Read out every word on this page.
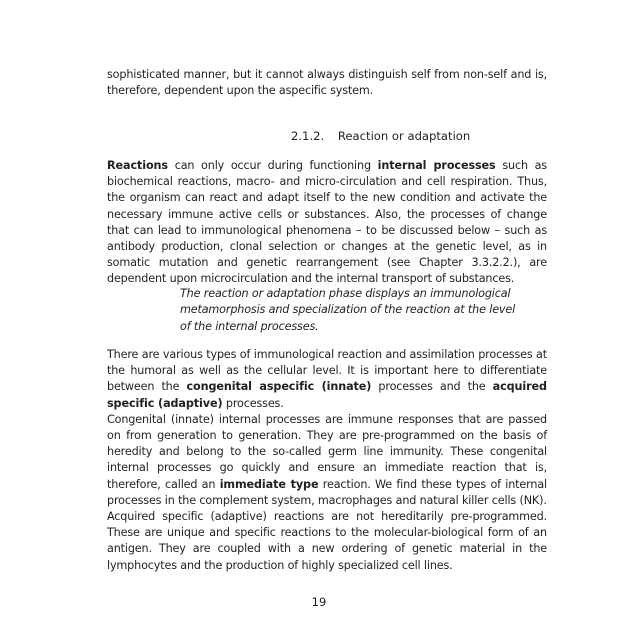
sophisticated manner, but it cannot always distinguish self from non-self and is, therefore, dependent upon the aspecific system.

2.1.2. Reaction or adaptation

Reactions can only occur during functioning internal processes such as biochemical reactions, macro- and micro-circulation and cell respiration. Thus, the organism can react and adapt itself to the new condition and activate the necessary immune active cells or substances. Also, the processes of change that can lead to immunological phenomena – to be discussed below – such as antibody production, clonal selection or changes at the genetic level, as in somatic mutation and genetic rearrangement (see Chapter 3.3.2.2.), are dependent upon microcirculation and the internal transport of substances.

The reaction or adaptation phase displays an immunological
metamorphosis and specialization of the reaction at the level
of the internal processes.

There are various types of immunological reaction and assimilation processes at the humoral as well as the cellular level. It is important here to differentiate between the congenital aspecific (innate) processes and the acquired specific (adaptive) processes.

Congenital (innate) internal processes are immune responses that are passed on from generation to generation. They are pre-programmed on the basis of heredity and belong to the so-called germ line immunity. These congenital internal processes go quickly and ensure an immediate reaction that is, therefore, called an immediate type reaction. We find these types of internal processes in the complement system, macrophages and natural killer cells (NK).

Acquired specific (adaptive) reactions are not hereditarily pre-programmed. These are unique and specific reactions to the molecular-biological form of an antigen. They are coupled with a new ordering of genetic material in the lymphocytes and the production of highly specialized cell lines.

19
